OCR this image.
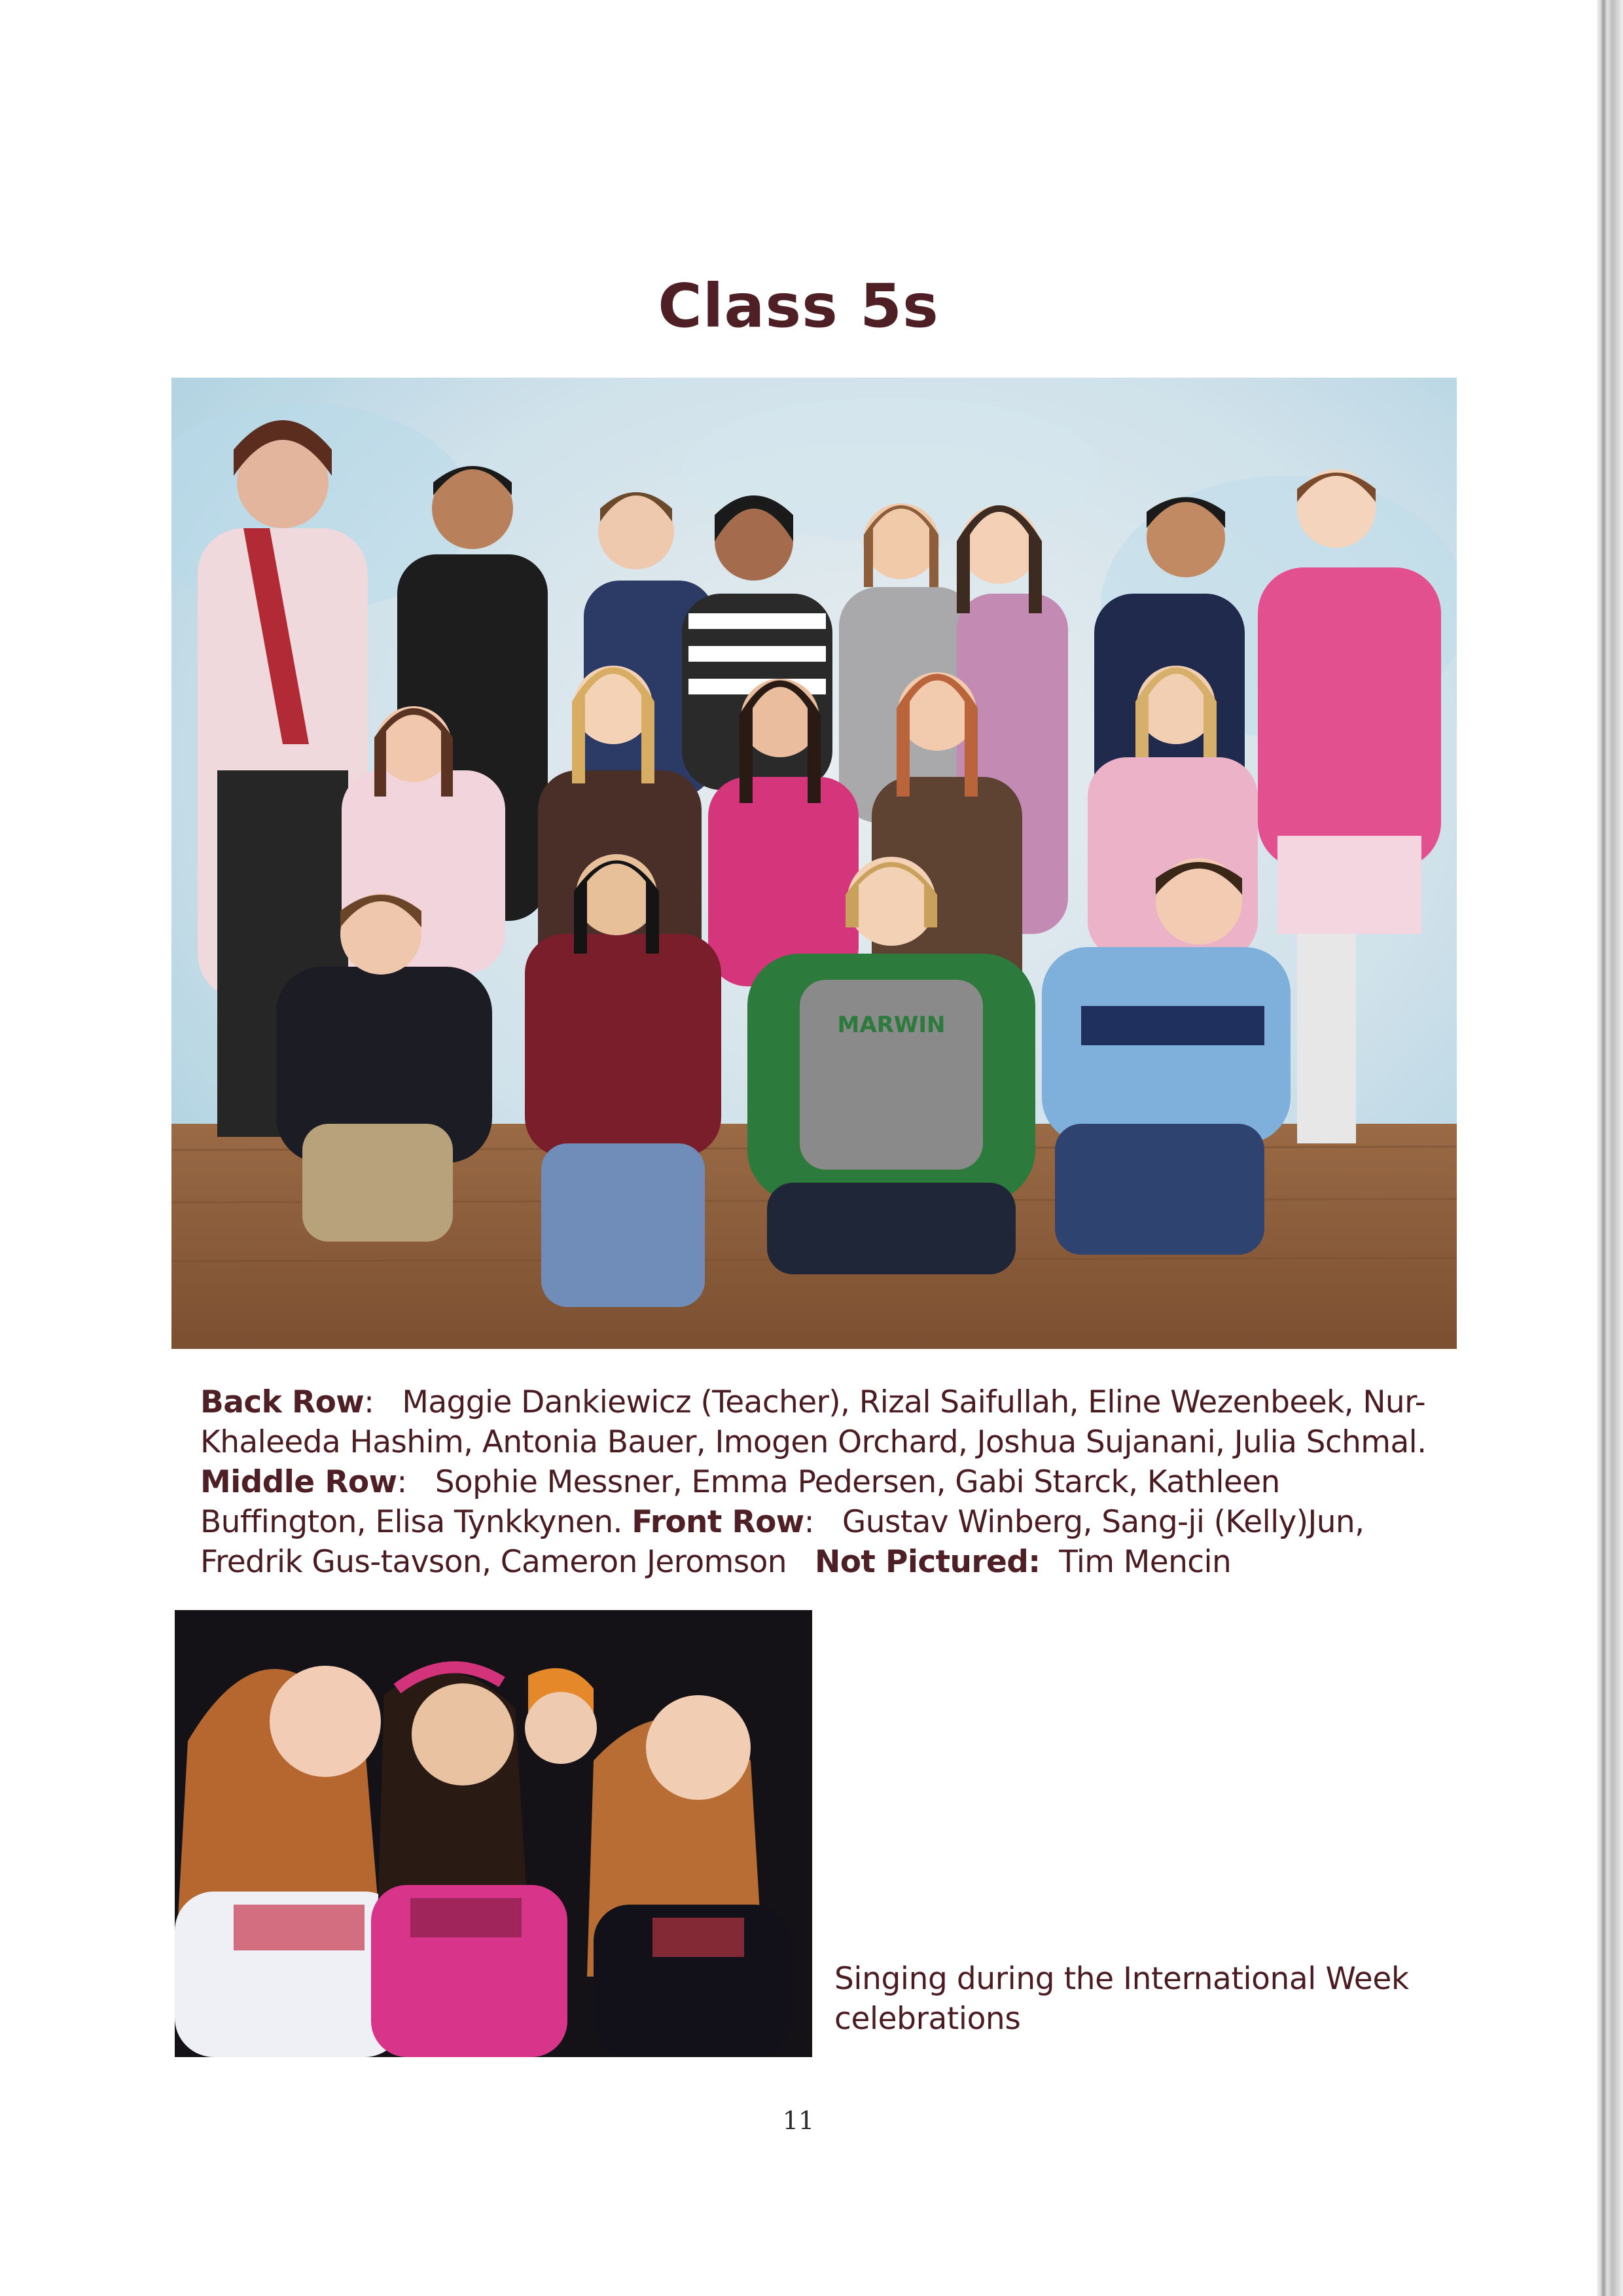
Class 5s
MARWIN
Back Row:   Maggie Dankiewicz (Teacher), Rizal Saifullah, Eline Wezenbeek, Nur-Khaleeda Hashim, Antonia Bauer, Imogen Orchard, Joshua Sujanani, Julia Schmal. Middle Row:   Sophie Messner, Emma Pedersen, Gabi Starck, Kathleen Buffington, Elisa Tynkkynen. Front Row:   Gustav Winberg, Sang-ji (Kelly)Jun, Fredrik Gus-tavson, Cameron Jeromson Not Pictured: Tim Mencin
Singing during the International Week celebrations
11
